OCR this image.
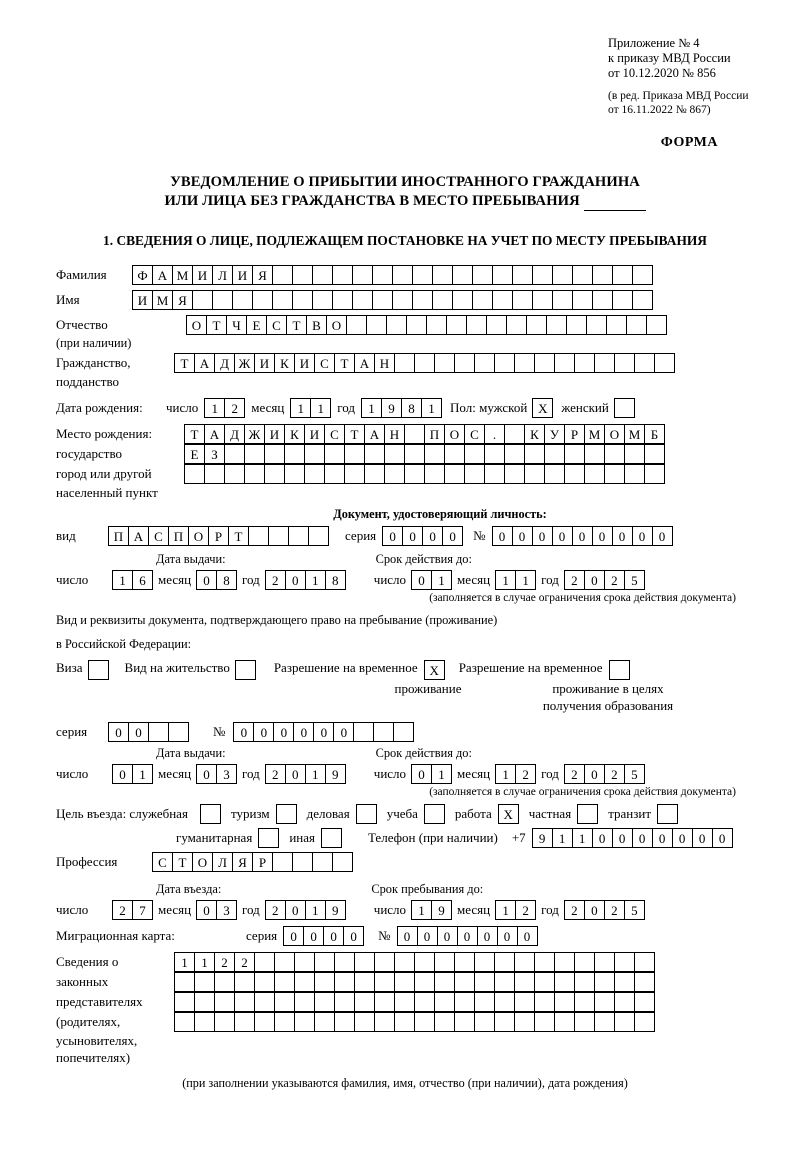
Приложение № 4
к приказу МВД России
от 10.12.2020 № 856
(в ред. Приказа МВД России
от 16.11.2022 № 867)
ФОРМА
УВЕДОМЛЕНИЕ О ПРИБЫТИИ ИНОСТРАННОГО ГРАЖДАНИНА
ИЛИ ЛИЦА БЕЗ ГРАЖДАНСТВА В МЕСТО ПРЕБЫВАНИЯ
1. СВЕДЕНИЯ О ЛИЦЕ, ПОДЛЕЖАЩЕМ ПОСТАНОВКЕ НА УЧЕТ ПО МЕСТУ ПРЕБЫВАНИЯ
Фамилия	Ф А М И Л И Я
Имя	И М Я
Отчество	О Т Ч Е С Т В О
(при наличии)
Гражданство,	Т А Д Ж И К И С Т А Н
подданство
Дата рождения:	число	1	2	месяц	1	1	год	1	9	8	1	Пол: мужской X	женский
Место рождения:	Т А Д Ж И К И С Т А Н	П О С	.	К У Р М О М Б
государство	Е З
город или другой
населенный пункт
Документ, удостоверяющий личность:
вид	П А С П О Р Т	серия	0	0	0	0	№	0	0	0	0	0	0	0	0	0
Дата выдачи:	Срок действия до:
число	1	6 месяц 0	8 год 2	0	1	8	число 0	1 месяц 1	1 год 2	0	2	5
(заполняется в случае ограничения срока действия документа)
Вид и реквизиты документа, подтверждающего право на пребывание (проживание)
в Российской Федерации:
Виза	Вид на жительство	Разрешение на временное X	Разрешение на временное
проживание	проживание в целях
получения образования
серия	0	0	№	0	0	0	0	0	0
Дата выдачи:	Срок действия до:
число	0	1 месяц 0	3 год 2	0	1	9	число 0	1 месяц 1	2 год 2	0	2	5
(заполняется в случае ограничения срока действия документа)
Цель въезда: служебная	туризм	деловая	учеба	работа X	частная	транзит
гуманитарная	иная	Телефон (при наличии) +7	9	1	1	0	0	0	0	0	0	0
Профессия	С Т О Л Я Р
Дата въезда:	Срок пребывания до:
число	2	7 месяц 0	3 год 2	0	1	9	число 1	9 месяц 1	2 год 2	0	2	5
Миграционная карта:	серия	0	0	0	0	№	0	0	0	0	0	0	0
Сведения о	1	1	2	2
законных
представителях
(родителях,
усыновителях,
попечителях)
(при заполнении указываются фамилия, имя, отчество (при наличии), дата рождения)
